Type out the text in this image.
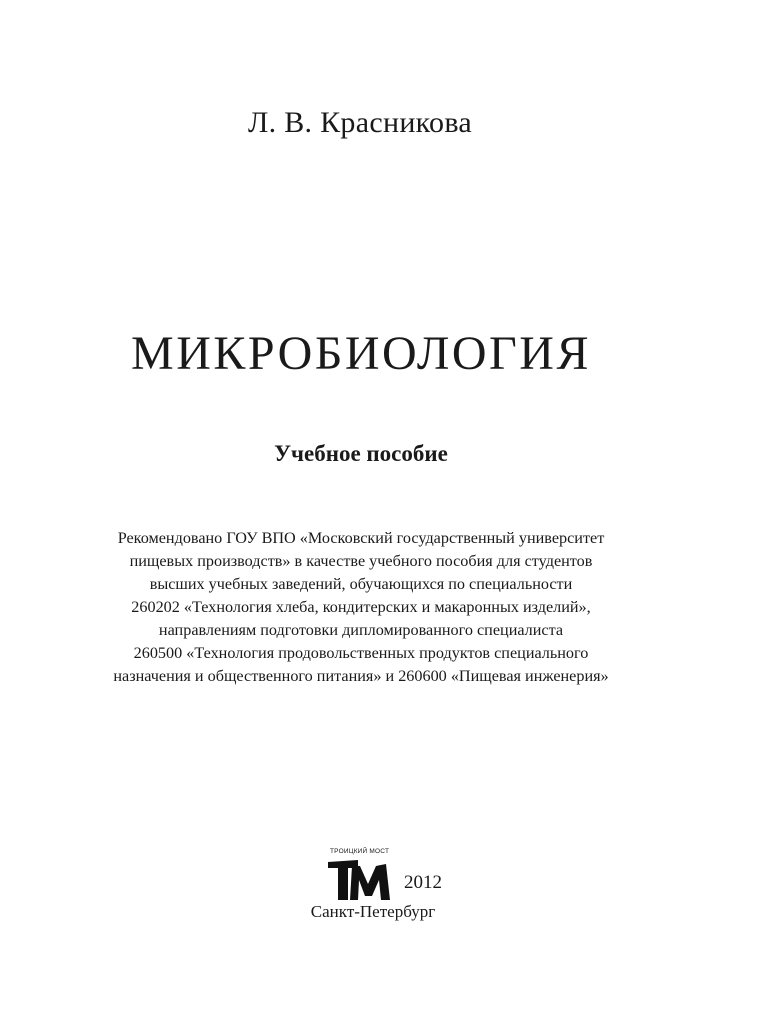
Л. В. Красникова
МИКРОБИОЛОГИЯ
Учебное пособие
Рекомендовано ГОУ ВПО «Московский государственный университет
пищевых производств» в качестве учебного пособия для студентов
высших учебных заведений, обучающихся по специальности
260202 «Технология хлеба, кондитерских и макаронных изделий»,
направлениям подготовки дипломированного специалиста
260500 «Технология продовольственных продуктов специального
назначения и общественного питания» и 260600 «Пищевая инженерия»
ТРОИЦКИЙ МОСТ
2012
Санкт-Петербург
